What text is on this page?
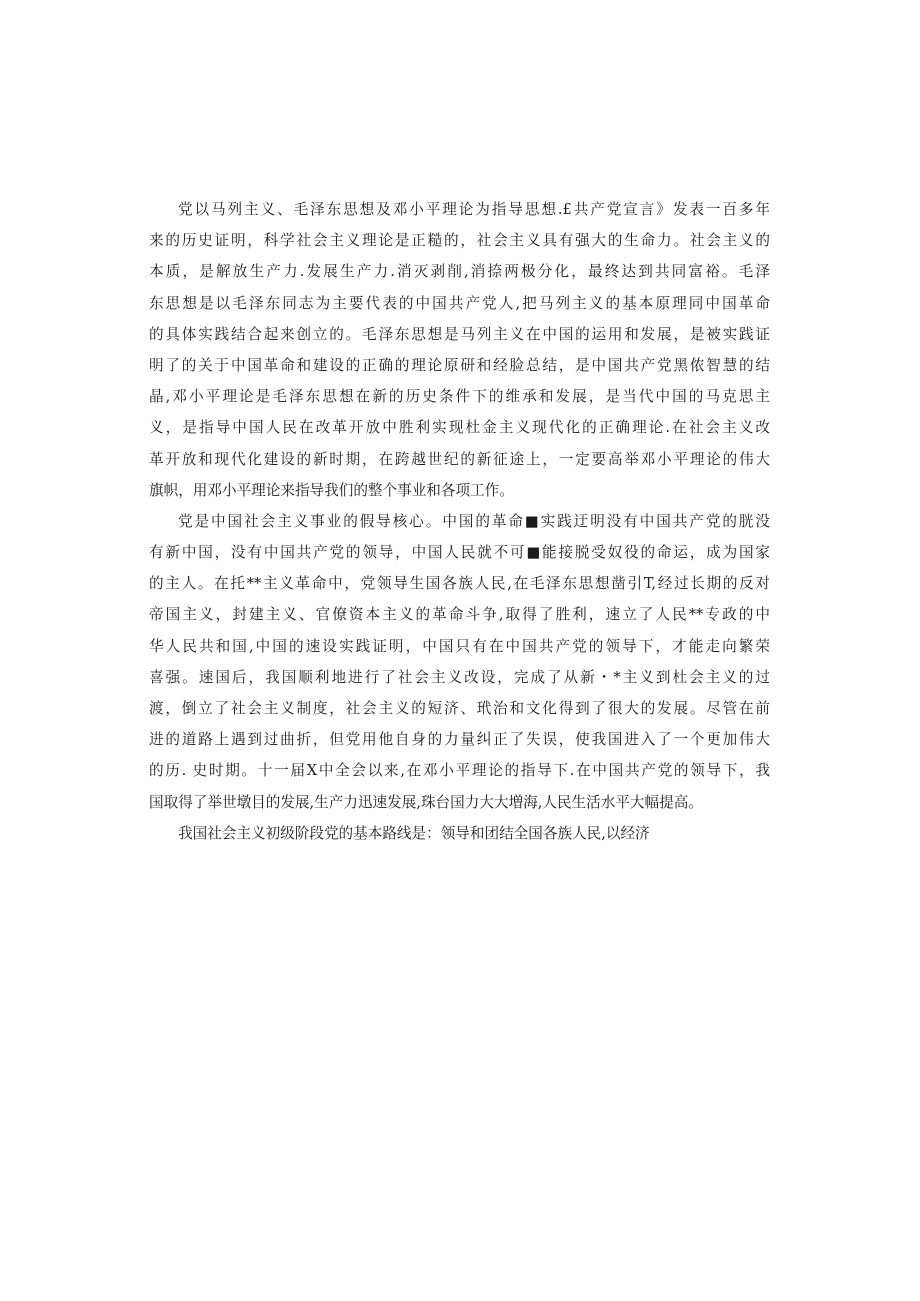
党以马列主义、毛泽东思想及邓小平理论为指导思想.£共产党宣言》发表一百多年
来的历史证明，科学社会主义理论是正糙的，社会主义具有强大的生命力。社会主义的
本质，是解放生产力.发展生产力.消灭剥削,消捺两极分化，最终达到共同富裕。毛泽
东思想是以毛泽东同志为主要代表的中国共产党人,把马列主义的基本原理同中国革命
的具体实践结合起来创立的。毛泽东思想是马列主义在中国的运用和发展，是被实践证
明了的关于中国革命和建设的正确的理论原研和经脸总结，是中国共产党黑侬智慧的结
晶,邓小平理论是毛泽东思想在新的历史条件下的维承和发展，是当代中国的马克思主
义，是指导中国人民在改革开放中胜利实现杜金主义现代化的正确理论.在社会主义改
革开放和现代化建设的新时期，在跨越世纪的新征途上，一定要高举邓小平理论的伟大
旗帜，用邓小平理论来指导我们的整个事业和各项工作。
党是中国社会主义事业的假导核心。中国的革命■实践迂明没有中国共产党的胱没
有新中国，没有中国共产党的领导，中国人民就不可■能接脱受奴役的命运，成为国家
的主人。在托**主义革命中，党领导生国各族人民,在毛泽东思想凿引T,经过长期的反对
帝国主义，封建主义、官僚资本主义的革命斗争,取得了胜利，速立了人民**专政的中
华人民共和国,中国的速设实践证明，中国只有在中国共产党的领导下，才能走向繁荣
喜强。速国后，我国顺利地进行了社会主义改设，完成了从新・*主义到杜会主义的过
渡，倒立了社会主义制度，社会主义的短济、玳治和文化得到了很大的发展。尽管在前
进的道路上遇到过曲折，但党用他自身的力量纠正了失误，使我国进入了一个更加伟大
的历. 史时期。十一届X中全会以来,在邓小平理论的指导下.在中国共产党的领导下，我
国取得了举世墩目的发展,生产力迅速发展,珠台国力大大増海,人民生活水平大幅提高。
我国社会主义初级阶段党的基本路线是：领导和团结全国各族人民,以经济
